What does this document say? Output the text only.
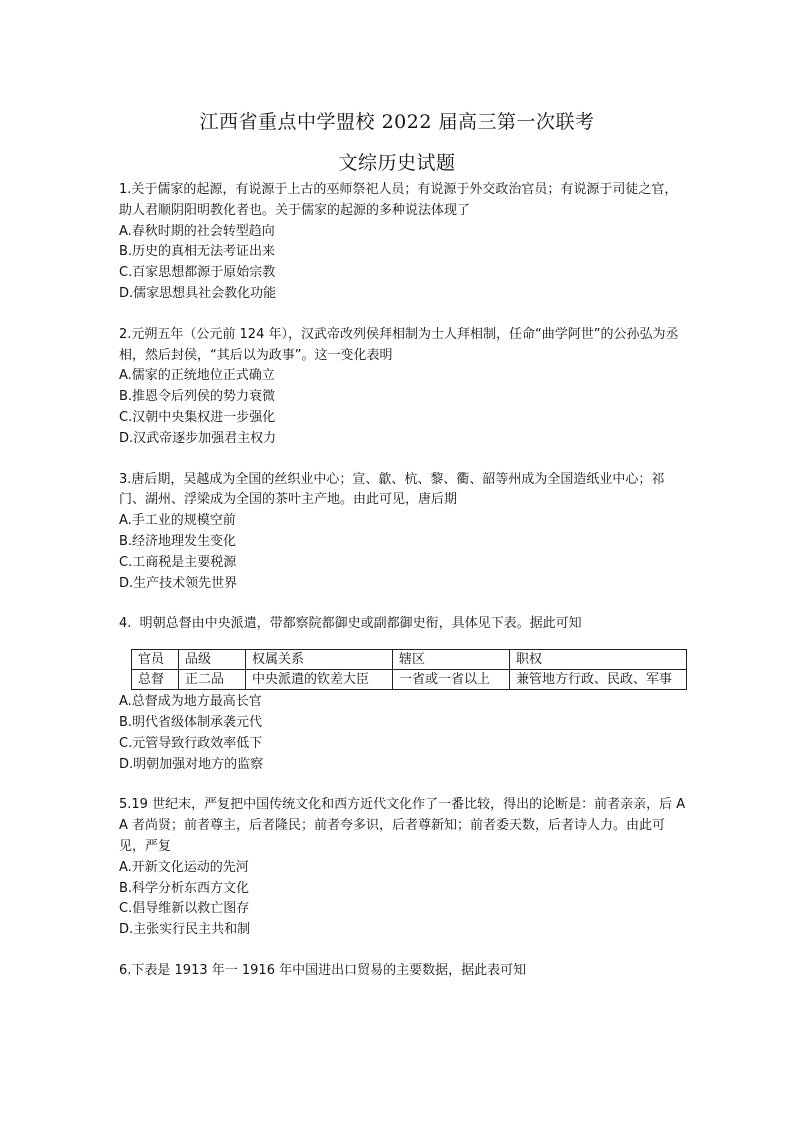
江西省重点中学盟校 2022 届高三第一次联考
文综历史试题

1.关于儒家的起源，有说源于上古的巫师祭祀人员；有说源于外交政治官员；有说源于司徒之官，助人君顺阴阳明教化者也。关于儒家的起源的多种说法体现了

A.春秋时期的社会转型趋向

B.历史的真相无法考证出来

C.百家思想都源于原始宗教

D.儒家思想具社会教化功能

2.元朔五年（公元前 124 年），汉武帝改列侯拜相制为士人拜相制，任命“曲学阿世”的公孙弘为丞相，然后封侯，“其后以为政事”。这一变化表明

A.儒家的正统地位正式确立

B.推恩令后列侯的势力衰微

C.汉朝中央集权进一步强化

D.汉武帝逐步加强君主权力

3.唐后期，吴越成为全国的丝织业中心；宣、歙、杭、黎、衢、韶等州成为全国造纸业中心；祁门、湖州、浮梁成为全国的茶叶主产地。由此可见，唐后期

A.手工业的规模空前

B.经济地理发生变化

C.工商税是主要税源

D.生产技术领先世界

4.  明朝总督由中央派遣，带都察院都御史或副都御史衔，具体见下表。据此可知

官员	品级	权属关系	辖区	职权
总督	正二品	中央派遣的钦差大臣	一省或一省以上	兼管地方行政、民政、军事

A.总督成为地方最高长官

B.明代省级体制承袭元代

C.元管导致行政效率低下

D.明朝加强对地方的监察

5.19 世纪末，严复把中国传统文化和西方近代文化作了一番比较，得出的论断是：前者亲亲，后 AA 者尚贤；前者尊主，后者隆民；前者夸多识，后者尊新知；前者委天数，后者诗人力。由此可见，严复

A.开新文化运动的先河

B.科学分析东西方文化

C.倡导维新以救亡图存

D.主张实行民主共和制

6.下表是 1913 年一 1916 年中国进出口贸易的主要数据，据此表可知
